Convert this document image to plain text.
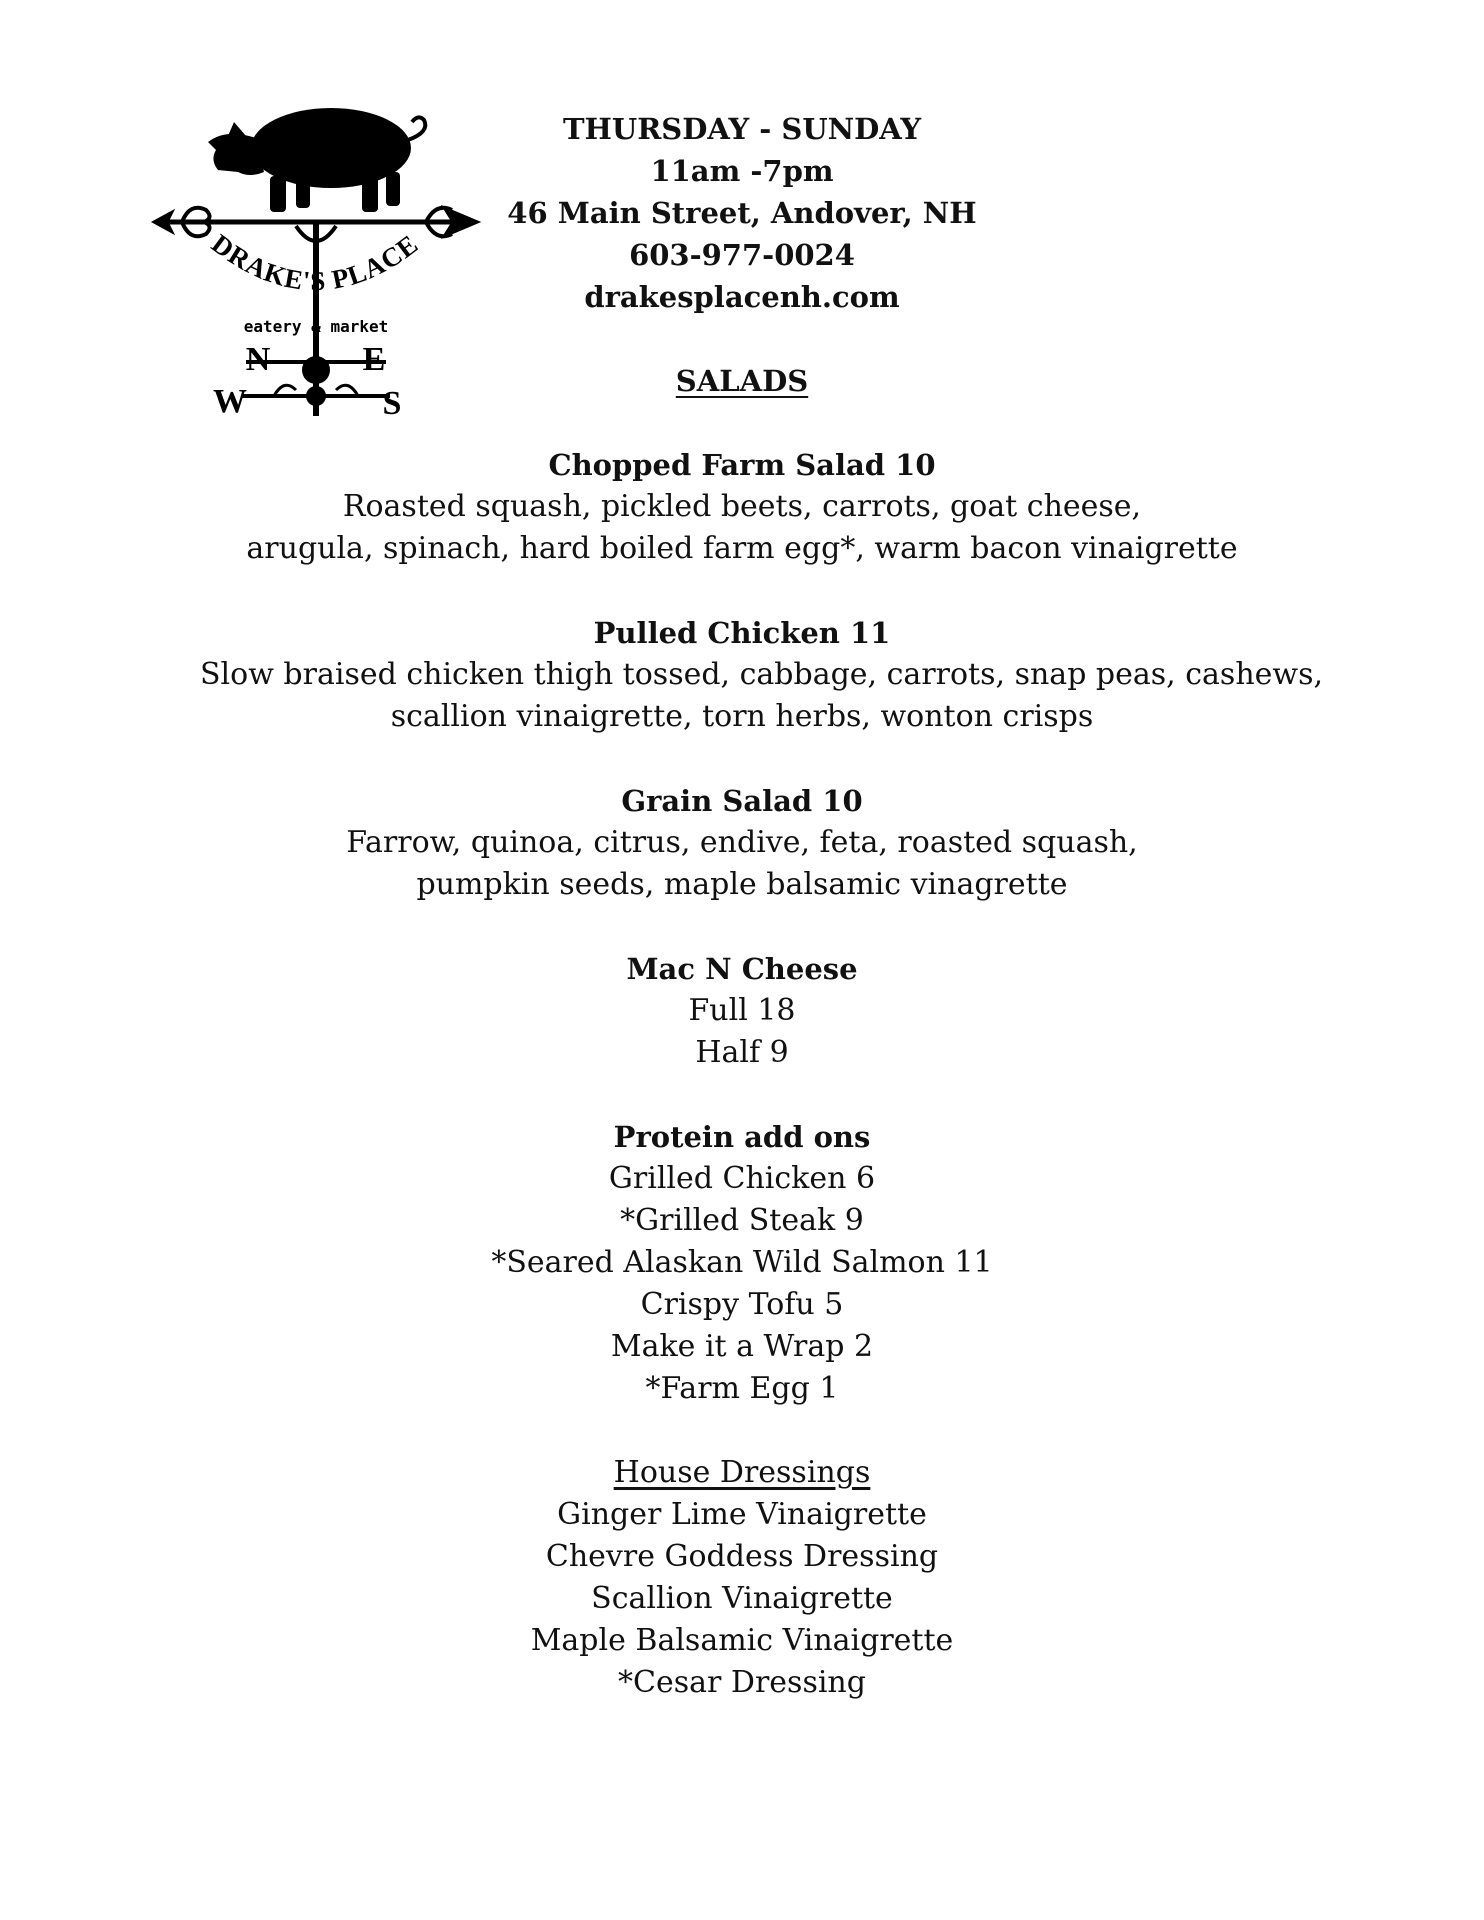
DRAKE'S PLACE
eatery & market
N	E
W	S
THURSDAY - SUNDAY
11am -7pm
46 Main Street, Andover, NH
603-977-0024
drakesplacenh.com
SALADS
Chopped Farm Salad 10
Roasted squash, pickled beets, carrots, goat cheese,
arugula, spinach, hard boiled farm egg*, warm bacon vinaigrette
Pulled Chicken 11
Slow braised chicken thigh tossed, cabbage, carrots, snap peas, cashews,
scallion vinaigrette, torn herbs, wonton crisps
Grain Salad 10
Farrow, quinoa, citrus, endive, feta, roasted squash,
pumpkin seeds, maple balsamic vinagrette
Mac N Cheese
Full 18
Half 9
Protein add ons
Grilled Chicken 6
*Grilled Steak 9
*Seared Alaskan Wild Salmon 11
Crispy Tofu 5
Make it a Wrap 2
*Farm Egg 1
House Dressings
Ginger Lime Vinaigrette
Chevre Goddess Dressing
Scallion Vinaigrette
Maple Balsamic Vinaigrette
*Cesar Dressing
